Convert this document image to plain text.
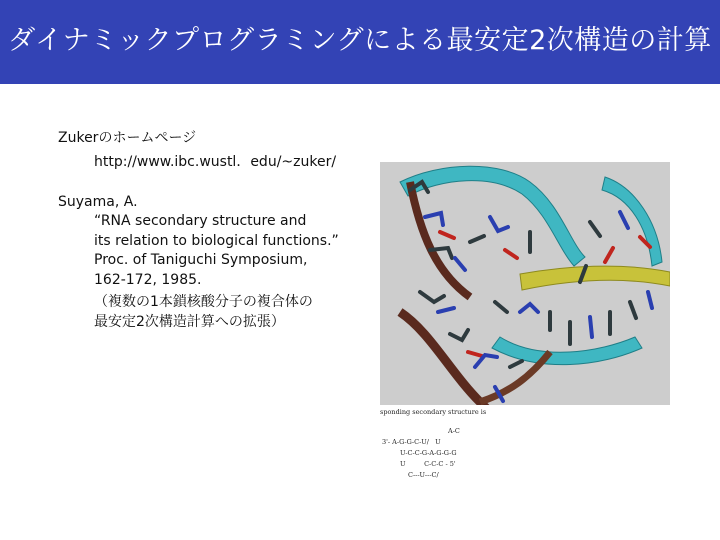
ダイナミックプログラミングによる最安定2次構造の計算
Zukerのホームページ
http://www.ibc.wustl．edu/~zuker/
Suyama, A.
“RNA secondary structure and
its relation to biological functions.”
Proc. of Taniguchi Symposium,
162-172, 1985.
（複数の1本鎖核酸分子の複合体の
最安定2次構造計算への拡張）
sponding secondary structure is
A-C
3'- A-G-G-C-U/   U
U-C-C-G-A-G-G-G
U         C-C-C - 5'
C---U---C/
